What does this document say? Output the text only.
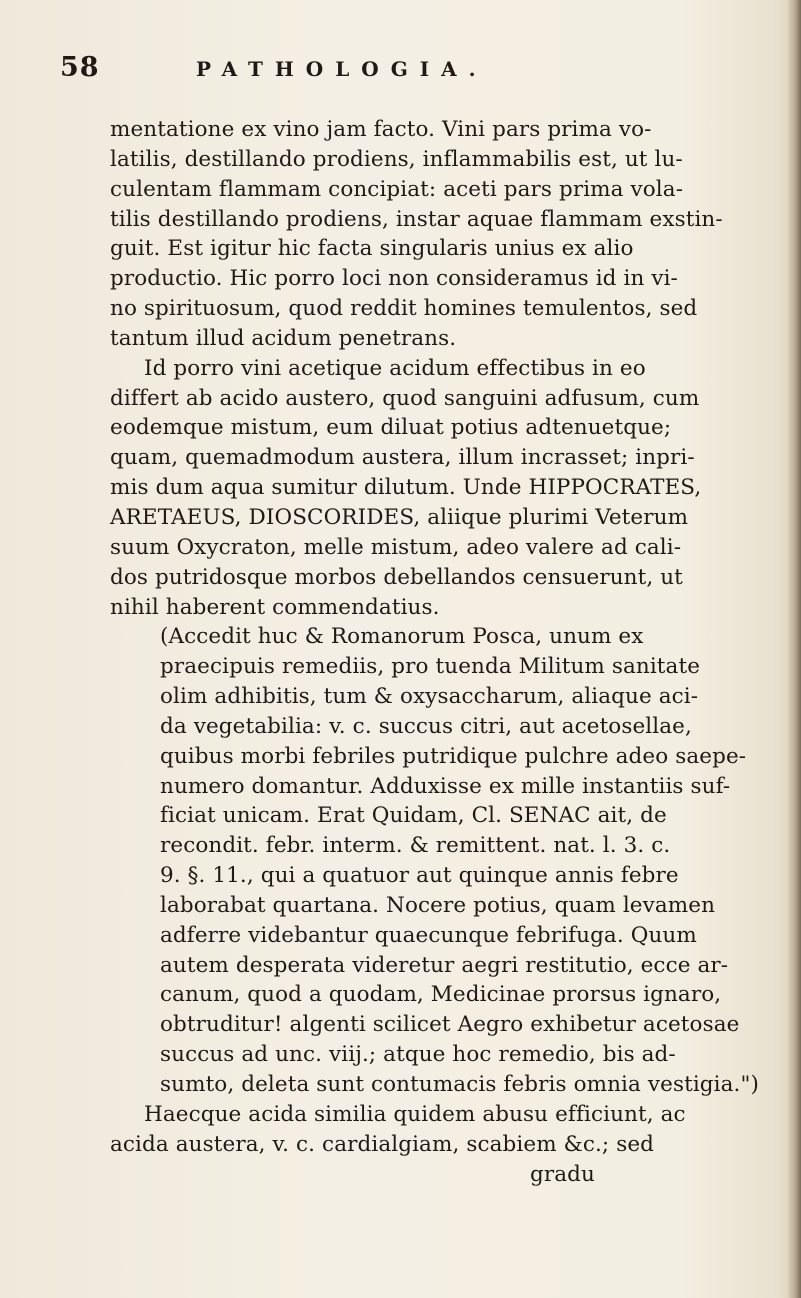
58	PATHOLOGIA.
mentatione ex vino jam facto. Vini pars prima vo-
latilis, destillando prodiens, inflammabilis est, ut lu-
culentam flammam concipiat: aceti pars prima vola-
tilis destillando prodiens, instar aquae flammam exstin-
guit. Est igitur hic facta singularis unius ex alio
productio. Hic porro loci non consideramus id in vi-
no spirituosum, quod reddit homines temulentos, sed
tantum illud acidum penetrans.
Id porro vini acetique acidum effectibus in eo
differt ab acido austero, quod sanguini adfusum, cum
eodemque mistum, eum diluat potius adtenuetque;
quam, quemadmodum austera, illum incrasset; inpri-
mis dum aqua sumitur dilutum. Unde HIPPOCRATES,
ARETAEUS, DIOSCORIDES, aliique plurimi Veterum
suum Oxycraton, melle mistum, adeo valere ad cali-
dos putridosque morbos debellandos censuerunt, ut
nihil haberent commendatius.
(Accedit huc & Romanorum Posca, unum ex
praecipuis remediis, pro tuenda Militum sanitate
olim adhibitis, tum & oxysaccharum, aliaque aci-
da vegetabilia: v. c. succus citri, aut acetosellae,
quibus morbi febriles putridique pulchre adeo saepe-
numero domantur. Adduxisse ex mille instantiis suf-
ficiat unicam. Erat Quidam, Cl. SENAC ait, de
recondit. febr. interm. & remittent. nat. l. 3. c.
9. §. 11., qui a quatuor aut quinque annis febre
laborabat quartana. Nocere potius, quam levamen
adferre videbantur quaecunque febrifuga. Quum
autem desperata videretur aegri restitutio, ecce ar-
canum, quod a quodam, Medicinae prorsus ignaro,
obtruditur! algenti scilicet Aegro exhibetur acetosae
succus ad unc. viij.; atque hoc remedio, bis ad-
sumto, deleta sunt contumacis febris omnia vestigia.")
Haecque acida similia quidem abusu efficiunt, ac
acida austera, v. c. cardialgiam, scabiem &c.; sed
gradu
